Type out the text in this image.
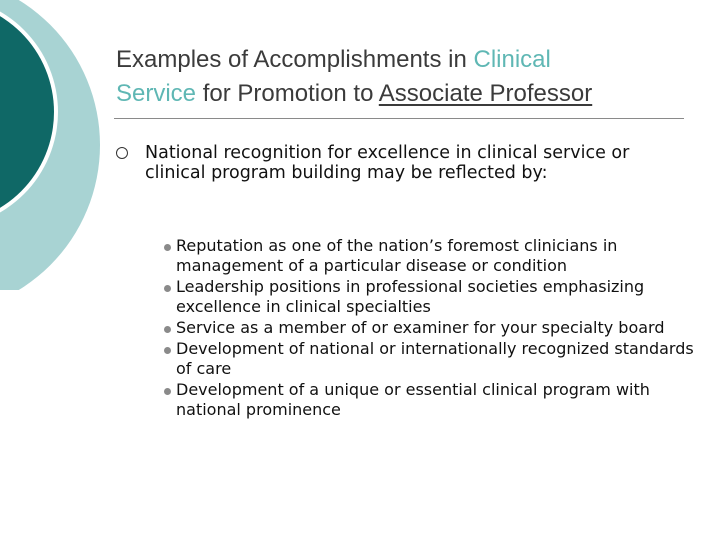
Examples of Accomplishments in Clinical
Service for Promotion to Associate Professor
National recognition for excellence in clinical service or clinical program building may be reflected by:
Reputation as one of the nation’s foremost clinicians in management of a particular disease or condition
Leadership positions in professional societies emphasizing excellence in clinical specialties
Service as a member of or examiner for your specialty board
Development of national or internationally recognized standards of care
Development of a unique or essential clinical program with national prominence
